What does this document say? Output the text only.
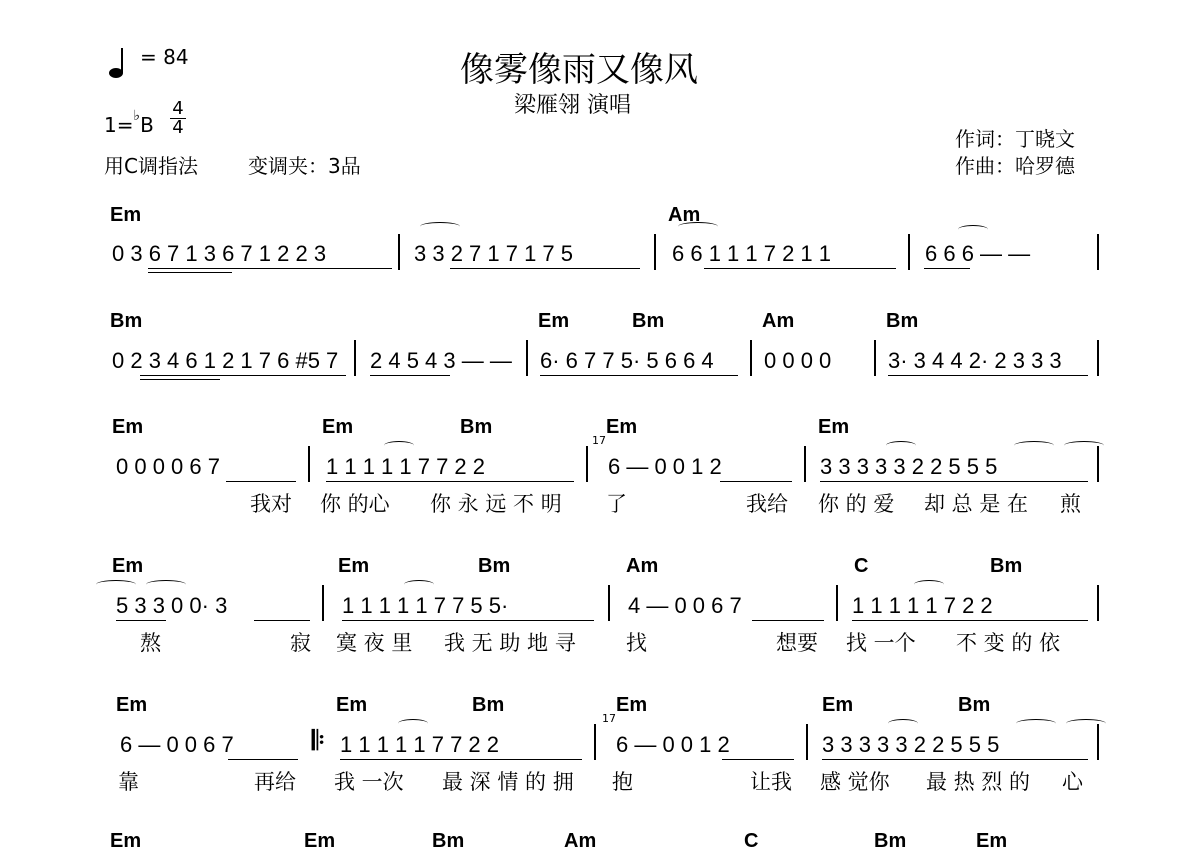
= 84	像雾像雨又像风
梁雁翎 演唱
1=♭B
4
4
用C调指法	变调夹：3品
作词：丁晓文
作曲：哈罗德
Em	Am
0 3 6 7 1 3 6 7 1 2 2 3	3 3 2 7 1 7 1 7 5	6 6 1 1 1 7 2 1 1	6 6 6 — —
Bm	Em	Bm	Am	Bm
0 2 3 4 6 1 2 1 7 6 #5 7 2 4 5 4 3 — — 6· 6 7 7 5· 5 6 6 4 0 0 0 0	3· 3 4 4 2· 2 3 3 3
Em	Em	Bm	Em	Em
17
0 0 0 0 6 7	1 1 1 1 1 7 7 2 2	6 — 0 0 1 2	3 3 3 3 3 2 2 5 5 5
我对 你 的心 你 永 远 不 明 了	我给 你 的 爱 却 总 是 在 煎
Em	Em	Bm	Am	C	Bm
5 3 3 0 0· 3	1 1 1 1 1 7 7 5 5·	4 — 0 0 6 7	1 1 1 1 1 7 2 2
熬	寂 寞 夜 里 我 无 助 地 寻 找	想要 找 一个 不 变 的 依
Em	Em	Bm	Em	Em	Bm
17
6 — 0 0 6 7	𝄆 1 1 1 1 1 7 7 2 2	6 — 0 0 1 2	3 3 3 3 3 2 2 5 5 5
靠	再给 我 一次 最 深 情 的 拥 抱	让我 感 觉你 最 热 烈 的 心
Em	Em	Bm	Am	C	Bm	Em
